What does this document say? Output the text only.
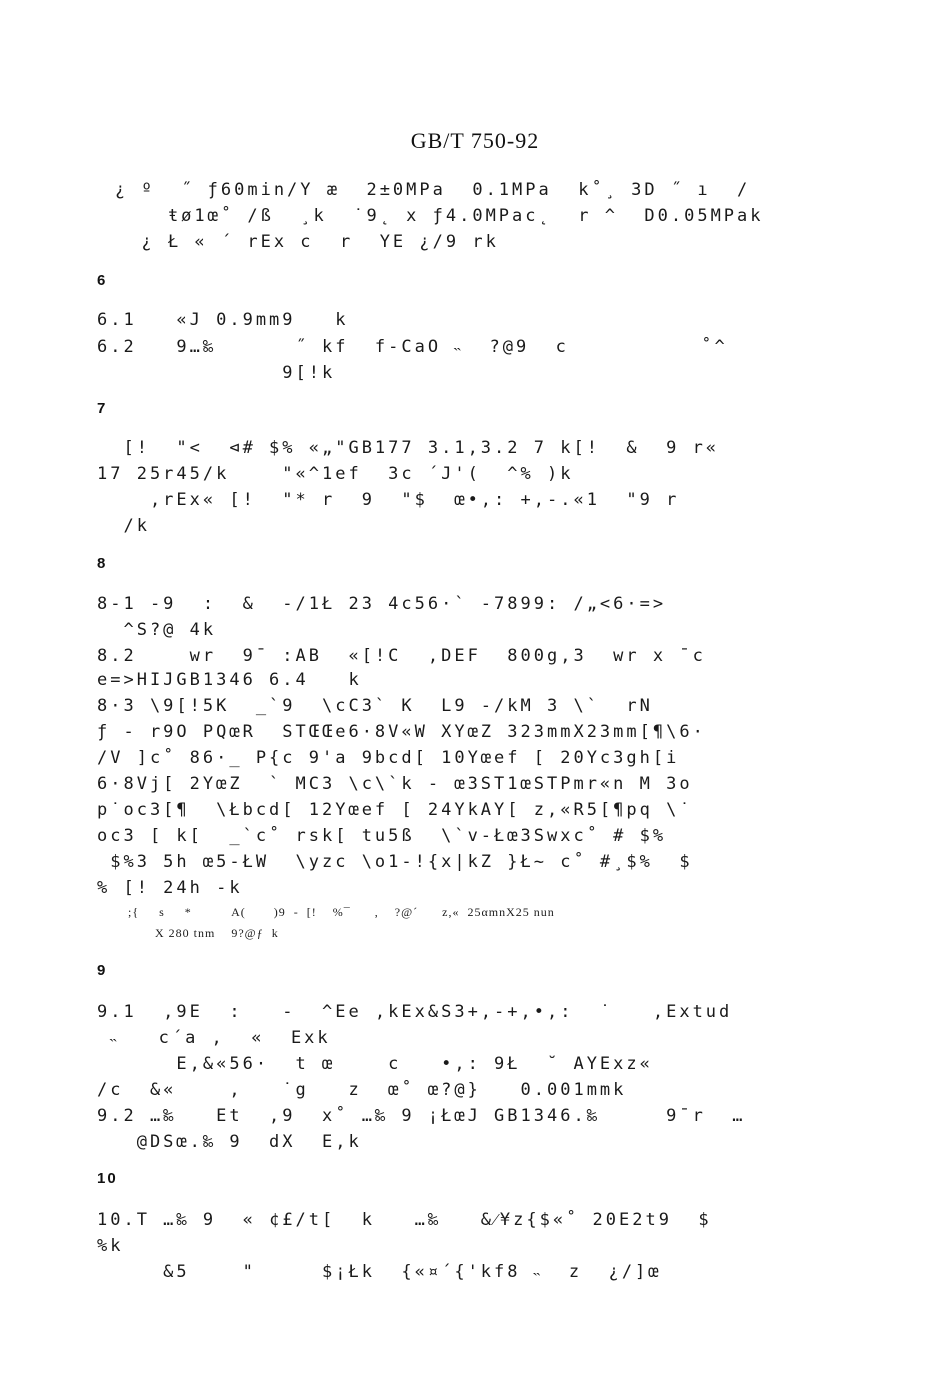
GB/T 750-92
¿ º  ˝ ƒ60min/Y æ  2±0MPa  0.1MPa  k˚¸ 3D ˝ ı  /
ŧø1œ˚ /ß  ¸k  ˙9˛ x ƒ4.0MPac˛  r ^  D0.05MPak
¿ Ł « ´ rEx c  r  YE ¿/9 rk
6
6.1   «J 0.9mm9   k
6.2   9…‰      ˝ kf  f-CaO ˵  ?@9  c          ˚^
9[!k
7
[!  "<  ⊲# $% «„"GB177 3.1,3.2 7 k[!  &  9 r«
17 25r45/k    "«^1ef  3c ´J'(  ^% )k
,rEx« [!  "* r  9  "$  œ•,: +,-.«1  "9 r
/k
8
8-1 -9  :  &  -/1Ł 23 4c56·` -7899: /„<6·=>
^S?@ 4k
8.2    wr  9¯ :AB  «[!C  ,DEF  800g,3  wr x ¯c
e=>HIJGB1346 6.4   k
8·3 \9[!5K  _`9  \cC3` K  L9 -/kM 3 \`  rN
ƒ - r9O PQœR  STŒŒe6·8V«W XYœZ 323mmX23mm[¶\6·
/V ]c˚ 86·_ P{c 9'a 9bcd[ 10Yœef [ 20Yc3gh[i
6·8Vj[ 2YœZ  ` MC3 \c\`k - œ3ST1œSTPmr«n M 3o
p˙oc3[¶  \Łbcd[ 12Yœef [ 24YkAY[ z,«R5[¶pq \˙
oc3 [ k[  _`c˚ rsk[ tu5ß  \`v-Łœ3Swxc˚ # $%
$%3 5h œ5-ŁW  \yzc \o1-!{x|kZ }Ł~ c˚ #¸$%  $
% [! 24h -k
;{     s     *          A(       )9  -  [!    %¯      ,    ?@´      z,«  25αmnX25 nun
X 280 tnm    9?@ƒ  k
9
9.1  ,9E  :   -  ^Ee ,kEx&S3+,-+,•,:  ˙   ,Extud
˵   c´a ,  «  Exk
E,&«56·  t œ    c   •,: 9Ł  ˘ AYExz«
/c  &«    ,   ˙g   z  œ˚ œ?@}   0.001mmk
9.2 …‰   Et  ,9  x˚ …‰ 9 ¡ŁœJ GB1346.‰     9¯r  …
@DSœ.‰ 9  dX  E,k
10
10.T …‰ 9  « ¢£/t[  k   …‰   &⁄¥z{$«˚ 20E2t9  $
%k
&5    "     $¡Łk  {«¤´{'kf8 ˵  z  ¿/]œ
